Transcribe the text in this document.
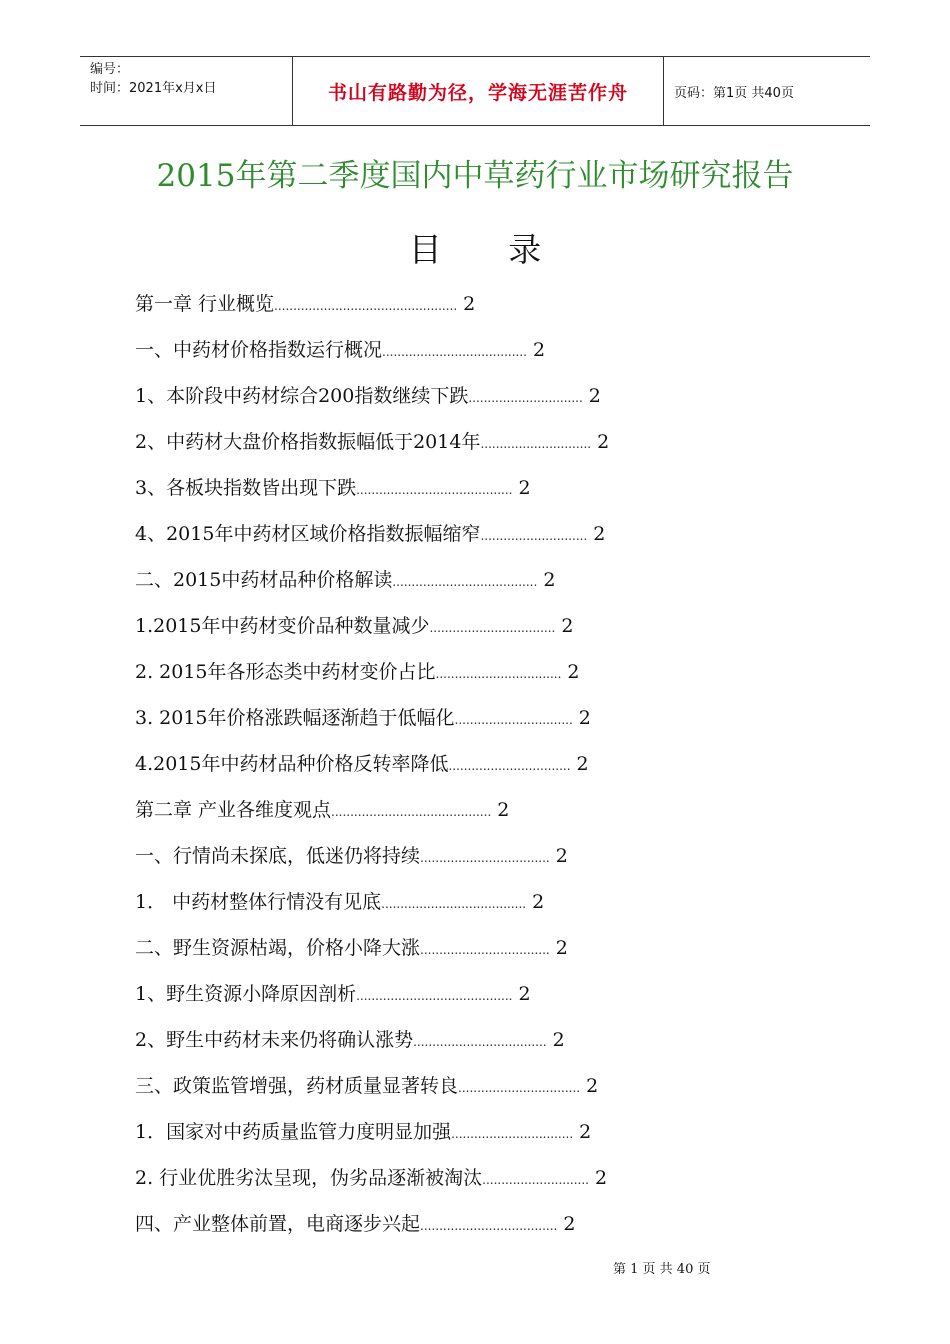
编号：
时间：2021年x月x日	书山有路勤为径，学海无涯苦作舟	页码：第1页 共40页
2015年第二季度国内中草药行业市场研究报告
目 录
第一章 行业概览................................................ 2
一、中药材价格指数运行概况...................................... 2
1、本阶段中药材综合200指数继续下跌.............................. 2
2、中药材大盘价格指数振幅低于2014年............................. 2
3、各板块指数皆出现下跌......................................... 2
4、2015年中药材区域价格指数振幅缩窄............................ 2
二、2015中药材品种价格解读...................................... 2
1.2015年中药材变价品种数量减少................................. 2
2. 2015年各形态类中药材变价占比................................. 2
3. 2015年价格涨跌幅逐渐趋于低幅化............................... 2
4.2015年中药材品种价格反转率降低................................ 2
第二章 产业各维度观点.......................................... 2
一、行情尚未探底，低迷仍将持续.................................. 2
1． 中药材整体行情没有见底...................................... 2
二、野生资源枯竭，价格小降大涨.................................. 2
1、野生资源小降原因剖析......................................... 2
2、野生中药材未来仍将确认涨势................................... 2
三、政策监管增强，药材质量显著转良................................ 2
1．国家对中药质量监管力度明显加强................................ 2
2. 行业优胜劣汰呈现，伪劣品逐渐被淘汰............................ 2
四、产业整体前置，电商逐步兴起.................................... 2
第 1 页 共 40 页
